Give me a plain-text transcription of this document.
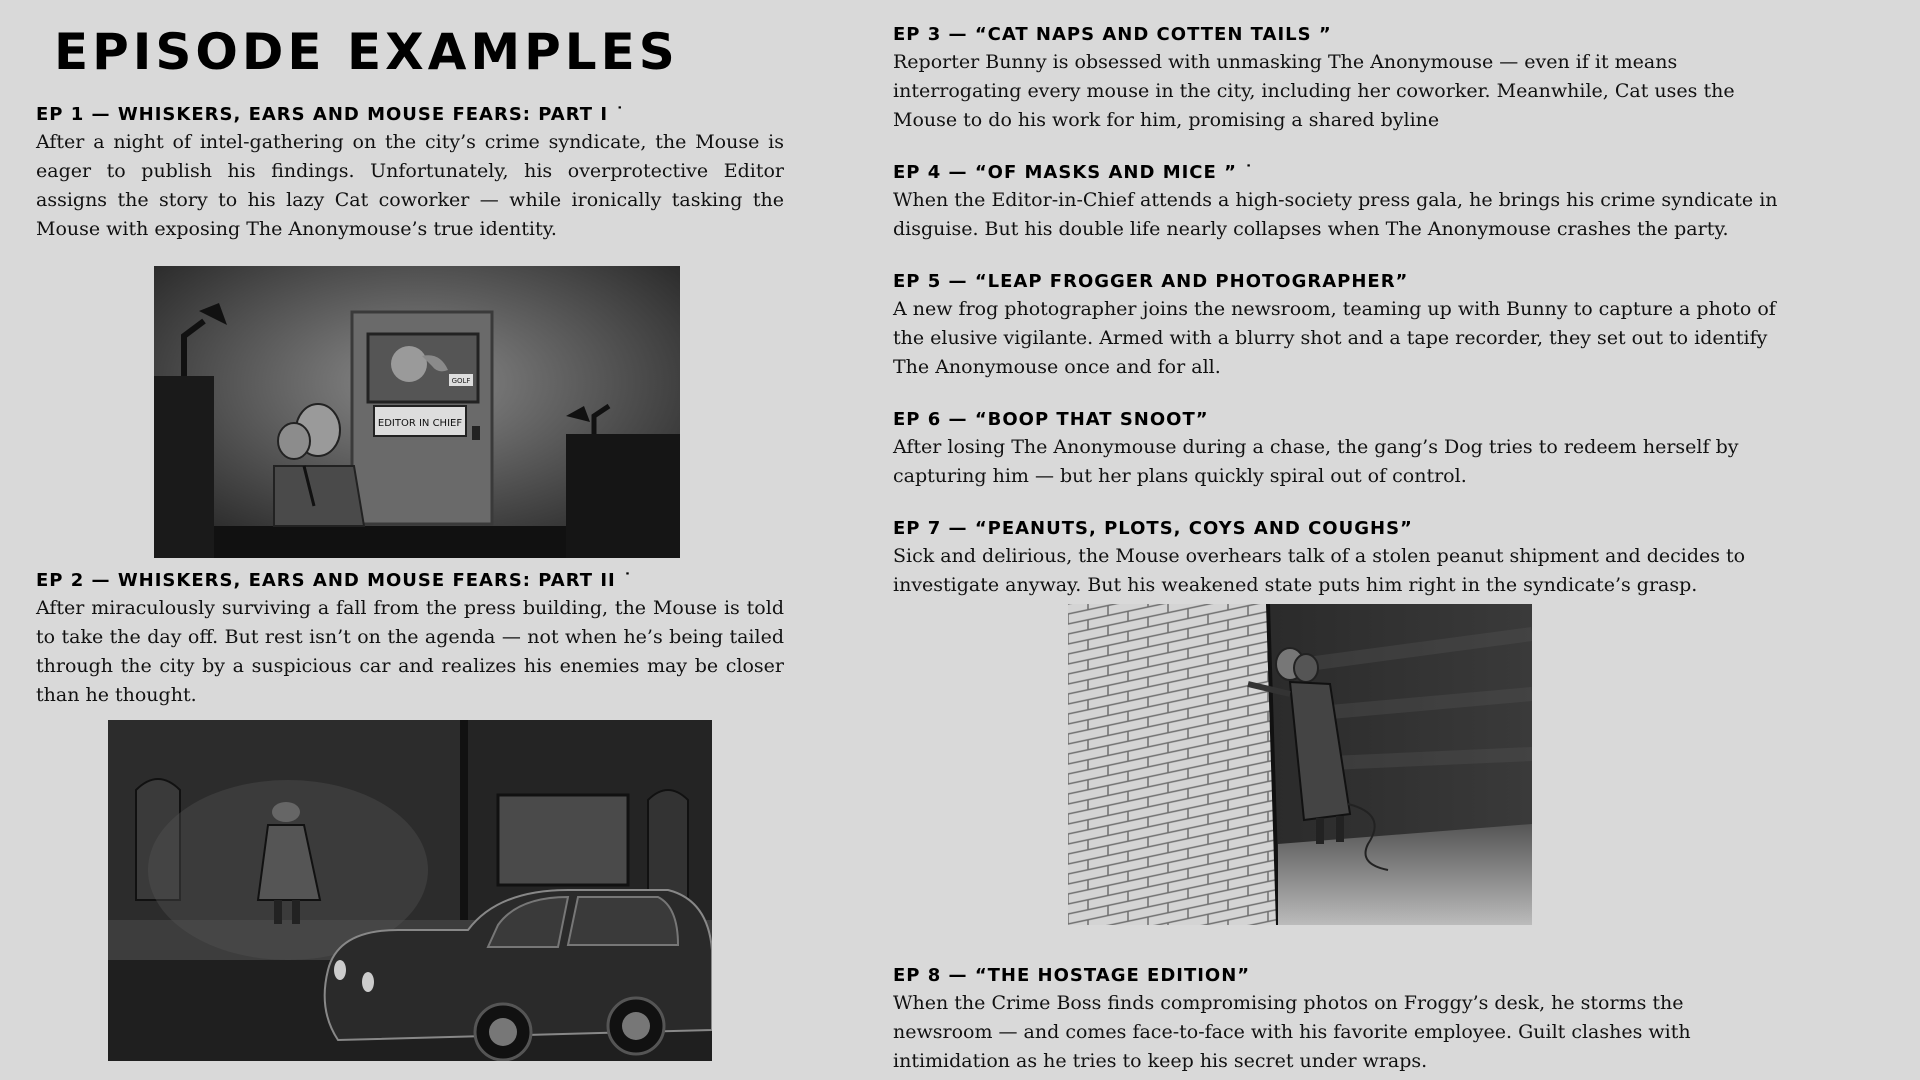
EPISODE EXAMPLES
EP 1 — WHISKERS, EARS AND MOUSE FEARS: PART I ˙

After a night of intel-gathering on the city’s crime syndicate, the Mouse is eager to publish his findings. Unfortunately, his overprotective Editor assigns the story to his lazy Cat coworker — while ironically tasking the Mouse with exposing The Anonymouse’s true identity.

GOLF
EDITOR IN CHIEF
EP 2 — WHISKERS, EARS AND MOUSE FEARS: PART II ˙

After miraculously surviving a fall from the press building, the Mouse is told to take the day off. But rest isn’t on the agenda — not when he’s being tailed through the city by a suspicious car and realizes his enemies may be closer than he thought.

EP 3 — “CAT NAPS AND COTTEN TAILS ”

Reporter Bunny is obsessed with unmasking The Anonymouse — even if it means interrogating every mouse in the city, including her coworker. Meanwhile, Cat uses the Mouse to do his work for him, promising a shared byline

EP 4 — “OF MASKS AND MICE ” ˙

When the Editor-in-Chief attends a high-society press gala, he brings his crime syndicate in disguise. But his double life nearly collapses when The Anonymouse crashes the party.

EP 5 — “LEAP FROGGER AND PHOTOGRAPHER”

A new frog photographer joins the newsroom, teaming up with Bunny to capture a photo of the elusive vigilante. Armed with a blurry shot and a tape recorder, they set out to identify The Anonymouse once and for all.

EP 6 — “BOOP THAT SNOOT”

After losing The Anonymouse during a chase, the gang’s Dog tries to redeem herself by capturing him — but her plans quickly spiral out of control.

EP 7 — “PEANUTS, PLOTS, COYS AND COUGHS”

Sick and delirious, the Mouse overhears talk of a stolen peanut shipment and decides to investigate anyway. But his weakened state puts him right in the syndicate’s grasp.

EP 8 — “THE HOSTAGE EDITION”

When the Crime Boss finds compromising photos on Froggy’s desk, he storms the newsroom — and comes face-to-face with his favorite employee. Guilt clashes with intimidation as he tries to keep his secret under wraps.
